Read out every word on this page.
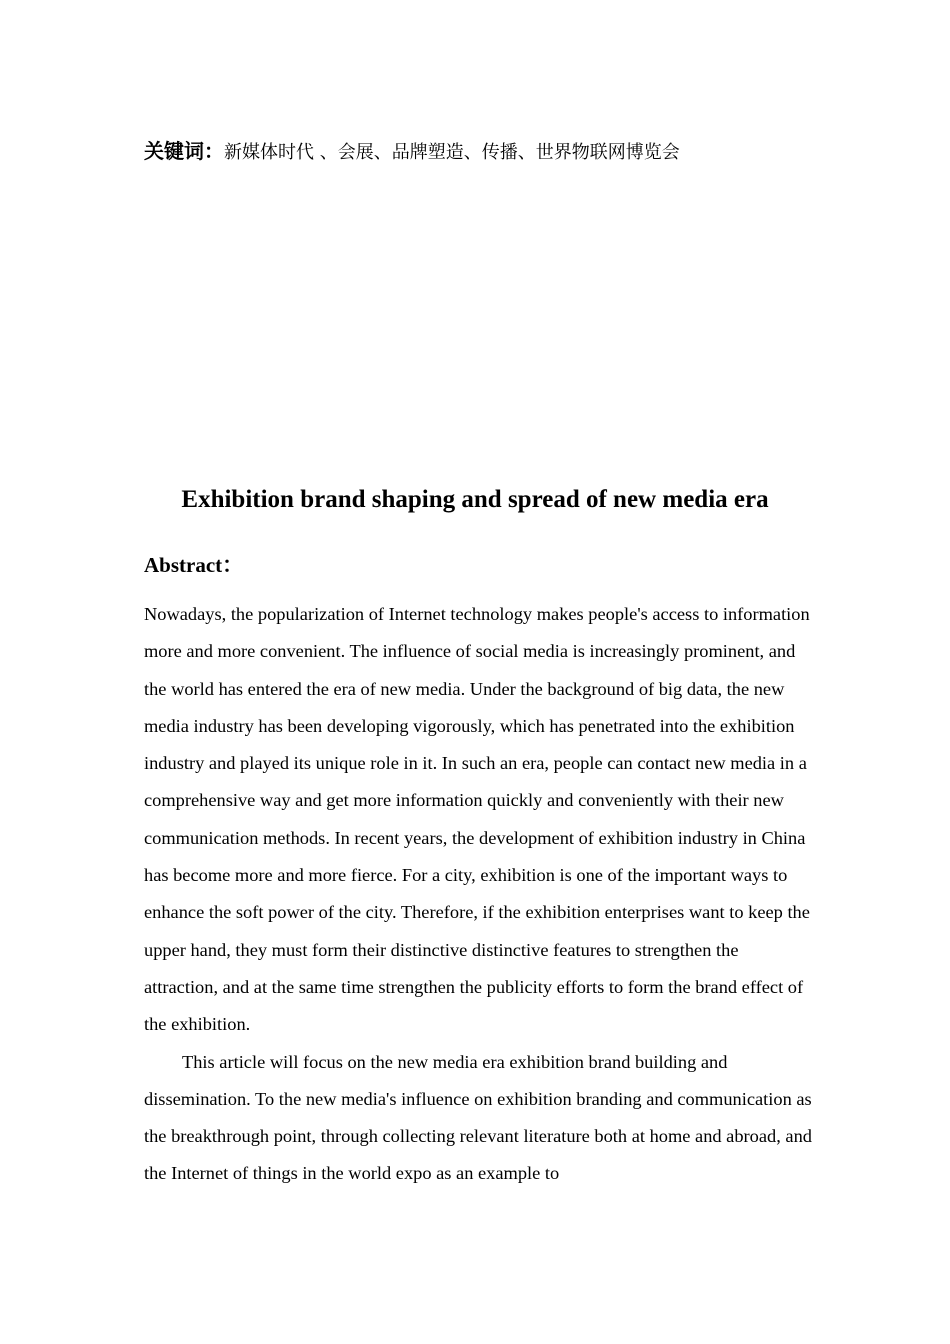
关键词：新媒体时代 、会展、品牌塑造、传播、世界物联网博览会
Exhibition brand shaping and spread of new media era
Abstract：

Nowadays, the popularization of Internet technology makes people's access to information more and more convenient. The influence of social media is increasingly prominent, and the world has entered the era of new media. Under the background of big data, the new media industry has been developing vigorously, which has penetrated into the exhibition industry and played its unique role in it. In such an era, people can contact new media in a comprehensive way and get more information quickly and conveniently with their new communication methods. In recent years, the development of exhibition industry in China has become more and more fierce. For a city, exhibition is one of the important ways to enhance the soft power of the city. Therefore, if the exhibition enterprises want to keep the upper hand, they must form their distinctive distinctive features to strengthen the attraction, and at the same time strengthen the publicity efforts to form the brand effect of the exhibition.

This article will focus on the new media era exhibition brand building and dissemination. To the new media's influence on exhibition branding and communication as the breakthrough point, through collecting relevant literature both at home and abroad, and the Internet of things in the world expo as an example to
